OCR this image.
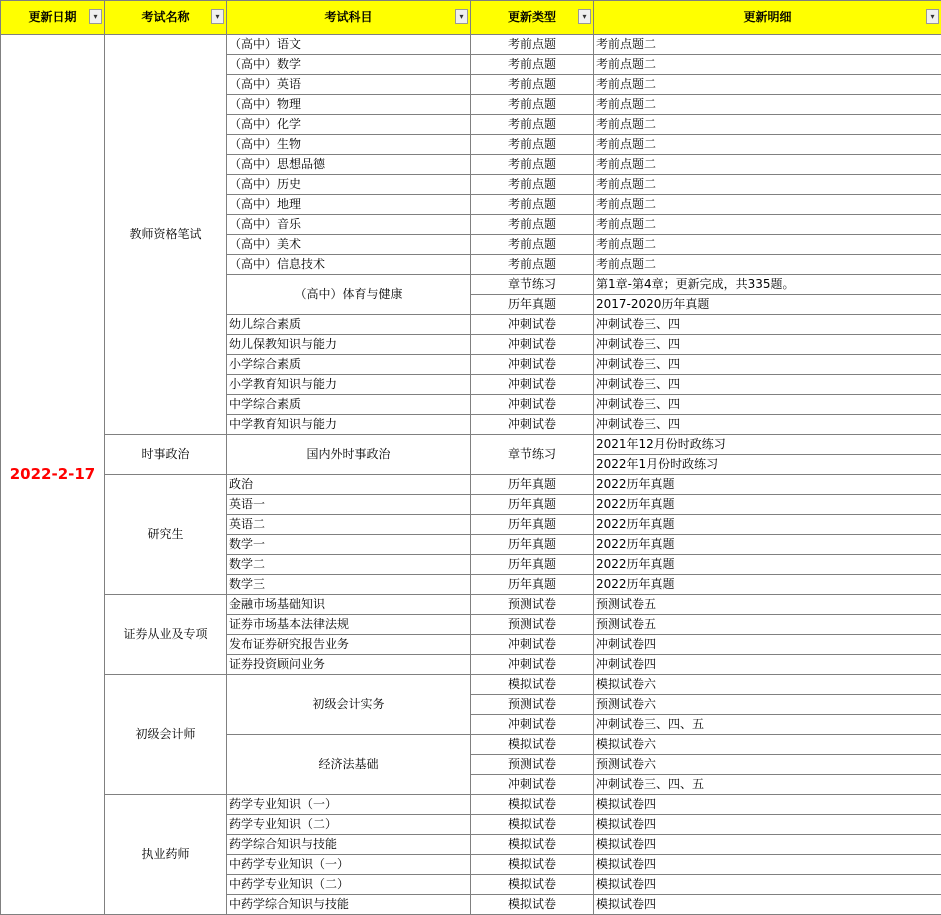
更新日期 ▾	考试名称 ▾	考试科目 ▾	更新类型 ▾	更新明细 ▾

2022-2-17	教师资格笔试	（高中）语文	考前点题	考前点题二
		（高中）数学	考前点题	考前点题二
		（高中）英语	考前点题	考前点题二
		（高中）物理	考前点题	考前点题二
		（高中）化学	考前点题	考前点题二
		（高中）生物	考前点题	考前点题二
		（高中）思想品德	考前点题	考前点题二
		（高中）历史	考前点题	考前点题二
		（高中）地理	考前点题	考前点题二
		（高中）音乐	考前点题	考前点题二
		（高中）美术	考前点题	考前点题二
		（高中）信息技术	考前点题	考前点题二
		（高中）体育与健康	章节练习	第1章-第4章；更新完成，共335题。
			历年真题	2017-2020历年真题
		幼儿综合素质	冲刺试卷	冲刺试卷三、四
		幼儿保教知识与能力	冲刺试卷	冲刺试卷三、四
		小学综合素质	冲刺试卷	冲刺试卷三、四
		小学教育知识与能力	冲刺试卷	冲刺试卷三、四
		中学综合素质	冲刺试卷	冲刺试卷三、四
		中学教育知识与能力	冲刺试卷	冲刺试卷三、四
	时事政治	国内外时事政治	章节练习	2021年12月份时政练习
				2022年1月份时政练习
	研究生	政治	历年真题	2022历年真题
		英语一	历年真题	2022历年真题
		英语二	历年真题	2022历年真题
		数学一	历年真题	2022历年真题
		数学二	历年真题	2022历年真题
		数学三	历年真题	2022历年真题
	证券从业及专项	金融市场基础知识	预测试卷	预测试卷五
		证券市场基本法律法规	预测试卷	预测试卷五
		发布证券研究报告业务	冲刺试卷	冲刺试卷四
		证券投资顾问业务	冲刺试卷	冲刺试卷四
	初级会计师	初级会计实务	模拟试卷	模拟试卷六
			预测试卷	预测试卷六
			冲刺试卷	冲刺试卷三、四、五
		经济法基础	模拟试卷	模拟试卷六
			预测试卷	预测试卷六
			冲刺试卷	冲刺试卷三、四、五
	执业药师	药学专业知识（一）	模拟试卷	模拟试卷四
		药学专业知识（二）	模拟试卷	模拟试卷四
		药学综合知识与技能	模拟试卷	模拟试卷四
		中药学专业知识（一）	模拟试卷	模拟试卷四
		中药学专业知识（二）	模拟试卷	模拟试卷四
		中药学综合知识与技能	模拟试卷	模拟试卷四
